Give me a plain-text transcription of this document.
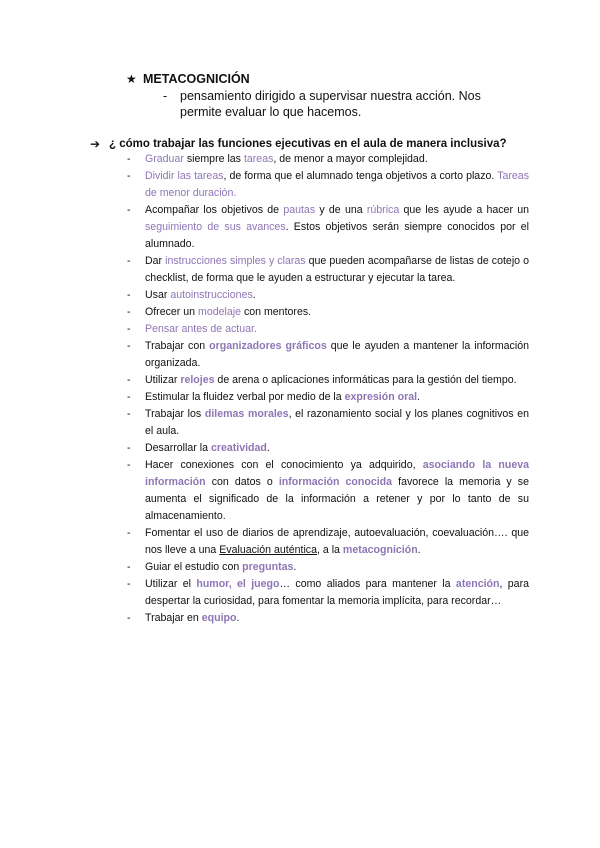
★ METACOGNICIÓN
-	pensamiento dirigido a supervisar nuestra acción. Nos permite evaluar lo que hacemos.
➔ ¿ cómo trabajar las funciones ejecutivas en el aula de manera inclusiva?
-	Graduar siempre las tareas, de menor a mayor complejidad.
-	Dividir las tareas, de forma que el alumnado tenga objetivos a corto plazo. Tareas de menor duración.
-	Acompañar los objetivos de pautas y de una rúbrica que les ayude a hacer un seguimiento de sus avances. Estos objetivos serán siempre conocidos por el alumnado.
-	Dar instrucciones simples y claras que pueden acompañarse de listas de cotejo o checklist, de forma que le ayuden a estructurar y ejecutar la tarea.
-	Usar autoinstrucciones.
-	Ofrecer un modelaje con mentores.
-	Pensar antes de actuar.
-	Trabajar con organizadores gráficos que le ayuden a mantener la información organizada.
-	Utilizar relojes de arena o aplicaciones informáticas para la gestión del tiempo.
-	Estimular la fluidez verbal por medio de la expresión oral.
-	Trabajar los dilemas morales, el razonamiento social y los planes cognitivos en el aula.
-	Desarrollar la creatividad.
-	Hacer conexiones con el conocimiento ya adquirido, asociando la nueva información con datos o información conocida favorece la memoria y se aumenta el significado de la información a retener y por lo tanto de su almacenamiento.
-	Fomentar el uso de diarios de aprendizaje, autoevaluación, coevaluación…. que nos lleve a una Evaluación auténtica, a la metacognición.
-	Guiar el estudio con preguntas.
-	Utilizar el humor, el juego… como aliados para mantener la atención, para despertar la curiosidad, para fomentar la memoria implícita, para recordar…
-	Trabajar en equipo.
